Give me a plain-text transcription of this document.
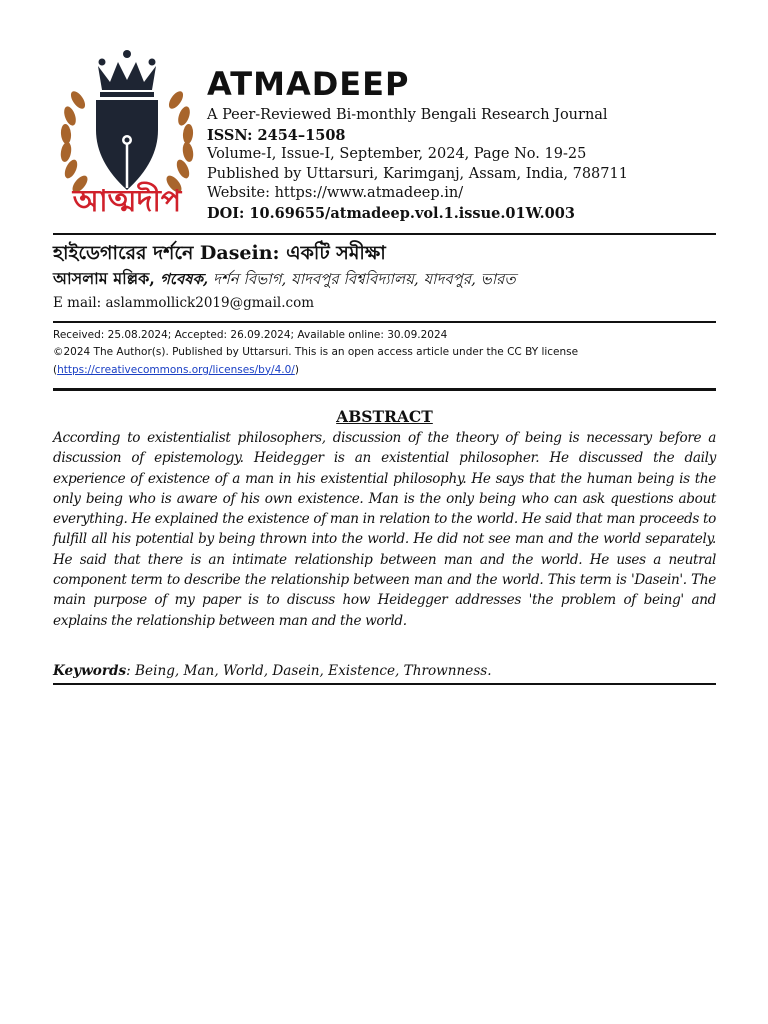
আত্মদীপ
ATMADEEP
A Peer-Reviewed Bi-monthly Bengali Research Journal
ISSN: 2454–1508
Volume-I, Issue-I, September, 2024, Page No. 19-25
Published by Uttarsuri, Karimganj, Assam, India, 788711
Website: https://www.atmadeep.in/
DOI: 10.69655/atmadeep.vol.1.issue.01W.003
হাইডেগারের দর্শনে Dasein: একটি সমীক্ষা
আসলাম মল্লিক, গবেষক, দর্শন বিভাগ, যাদবপুর বিশ্ববিদ্যালয়, যাদবপুর, ভারত
E mail: aslammollick2019@gmail.com
Received: 25.08.2024; Accepted: 26.09.2024; Available online: 30.09.2024
©2024 The Author(s). Published by Uttarsuri. This is an open access article under the CC BY license
(https://creativecommons.org/licenses/by/4.0/)
ABSTRACT
According to existentialist philosophers, discussion of the theory of being is necessary before a discussion of epistemology. Heidegger is an existential philosopher. He discussed the daily experience of existence of a man in his existential philosophy. He says that the human being is the only being who is aware of his own existence. Man is the only being who can ask questions about everything. He explained the existence of man in relation to the world. He said that man proceeds to fulfill all his potential by being thrown into the world. He did not see man and the world separately. He said that there is an intimate relationship between man and the world. He uses a neutral component term to describe the relationship between man and the world. This term is 'Dasein'. The main purpose of my paper is to discuss how Heidegger addresses 'the problem of being' and explains the relationship between man and the world.
Keywords: Being, Man, World, Dasein, Existence, Thrownness.
